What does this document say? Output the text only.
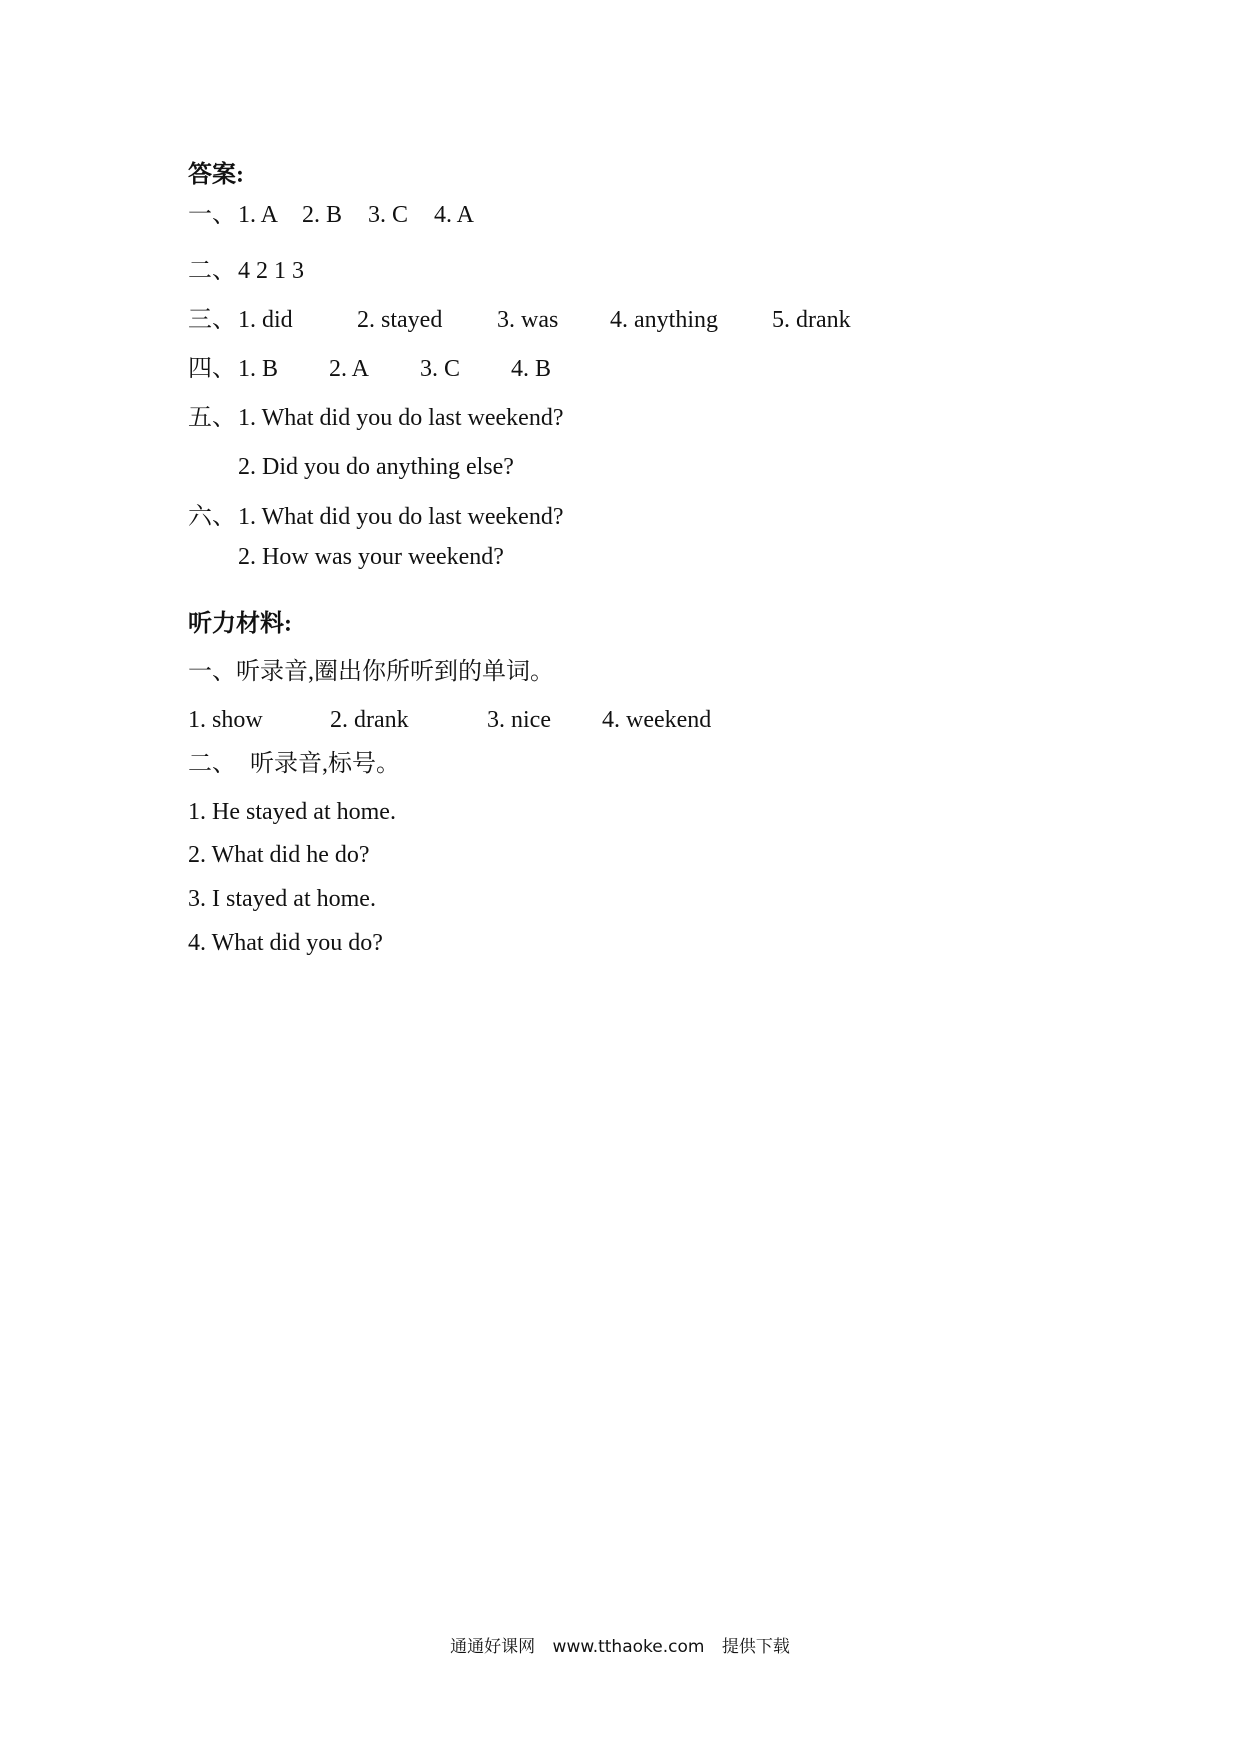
答案:
一、 1. A 2. B	3. C	4. A
二、 4 2 1 3
三、 1. did	2. stayed	3. was	4. anything	5. drank
四、 1. B	2. A	3. C	4. B
五、 1. What did you do last weekend?
2. Did you do anything else?
六、 1. What did you do last weekend?
2. How was your weekend?
听力材料:
一、听录音,圈出你所听到的单词。
1. show	2. drank	3. nice	4. weekend
二、 听录音,标号。
1. He stayed at home.
2. What did he do?
3. I stayed at home.
4. What did you do?
通通好课网 www.tthaoke.com 提供下载
